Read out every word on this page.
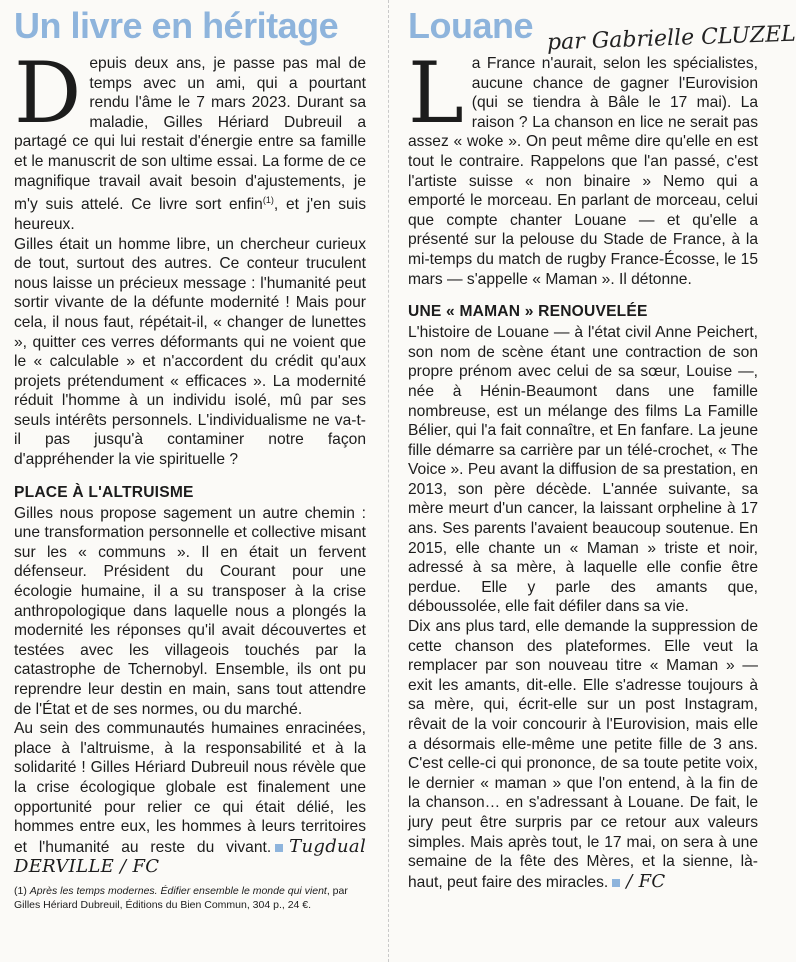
Un livre en héritage

Depuis deux ans, je passe pas mal de temps avec un ami, qui a pourtant rendu l'âme le 7 mars 2023. Durant sa maladie, Gilles Hériard Dubreuil a partagé ce qui lui restait d'énergie entre sa famille et le manuscrit de son ultime essai. La forme de ce magnifique travail avait besoin d'ajustements, je m'y suis attelé. Ce livre sort enfin$^{(1)}$, et j'en suis heureux.

Gilles était un homme libre, un chercheur curieux de tout, surtout des autres. Ce conteur truculent nous laisse un précieux message : l'humanité peut sortir vivante de la défunte modernité ! Mais pour cela, il nous faut, répétait-il, « changer de lunettes », quitter ces verres déformants qui ne voient que le « calculable » et n'accordent du crédit qu'aux projets prétendument « efficaces ». La modernité réduit l'homme à un individu isolé, mû par ses seuls intérêts personnels. L'individualisme ne va-t-il pas jusqu'à contaminer notre façon d'appréhender la vie spirituelle ?

PLACE À L'ALTRUISME

Gilles nous propose sagement un autre chemin : une transformation personnelle et collective misant sur les « communs ». Il en était un fervent défenseur. Président du Courant pour une écologie humaine, il a su transposer à la crise anthropologique dans laquelle nous a plongés la modernité les réponses qu'il avait découvertes et testées avec les villageois touchés par la catastrophe de Tchernobyl. Ensemble, ils ont pu reprendre leur destin en main, sans tout attendre de l'État et de ses normes, ou du marché.

Au sein des communautés humaines enracinées, place à l'altruisme, à la responsabilité et à la solidarité ! Gilles Hériard Dubreuil nous révèle que la crise écologique globale est finalement une opportunité pour relier ce qui était délié, les hommes entre eux, les hommes à leurs territoires et l'humanité au reste du vivant. Tugdual DERVILLE / FC

(1) Après les temps modernes. Édifier ensemble le monde qui vient, par Gilles Hériard Dubreuil, Éditions du Bien Commun, 304 p., 24 €.
Louane par Gabrielle CLUZEL

La France n'aurait, selon les spécialistes, aucune chance de gagner l'Eurovision (qui se tiendra à Bâle le 17 mai). La raison ? La chanson en lice ne serait pas assez « woke ». On peut même dire qu'elle en est tout le contraire. Rappelons que l'an passé, c'est l'artiste suisse « non binaire » Nemo qui a emporté le morceau. En parlant de morceau, celui que compte chanter Louane — et qu'elle a présenté sur la pelouse du Stade de France, à la mi-temps du match de rugby France-Écosse, le 15 mars — s'appelle « Maman ». Il détonne.

UNE « MAMAN » RENOUVELÉE

L'histoire de Louane — à l'état civil Anne Peichert, son nom de scène étant une contraction de son propre prénom avec celui de sa sœur, Louise —, née à Hénin-Beaumont dans une famille nombreuse, est un mélange des films La Famille Bélier, qui l'a fait connaître, et En fanfare. La jeune fille démarre sa carrière par un télé-crochet, « The Voice ». Peu avant la diffusion de sa prestation, en 2013, son père décède. L'année suivante, sa mère meurt d'un cancer, la laissant orpheline à 17 ans. Ses parents l'avaient beaucoup soutenue. En 2015, elle chante un « Maman » triste et noir, adressé à sa mère, à laquelle elle confie être perdue. Elle y parle des amants que, déboussolée, elle fait défiler dans sa vie.

Dix ans plus tard, elle demande la suppression de cette chanson des plateformes. Elle veut la remplacer par son nouveau titre « Maman » — exit les amants, dit-elle. Elle s'adresse toujours à sa mère, qui, écrit-elle sur un post Instagram, rêvait de la voir concourir à l'Eurovision, mais elle a désormais elle-même une petite fille de 3 ans. C'est celle-ci qui prononce, de sa toute petite voix, le dernier « maman » que l'on entend, à la fin de la chanson… en s'adressant à Louane. De fait, le jury peut être surpris par ce retour aux valeurs simples. Mais après tout, le 17 mai, on sera à une semaine de la fête des Mères, et la sienne, là-haut, peut faire des miracles. / FC
